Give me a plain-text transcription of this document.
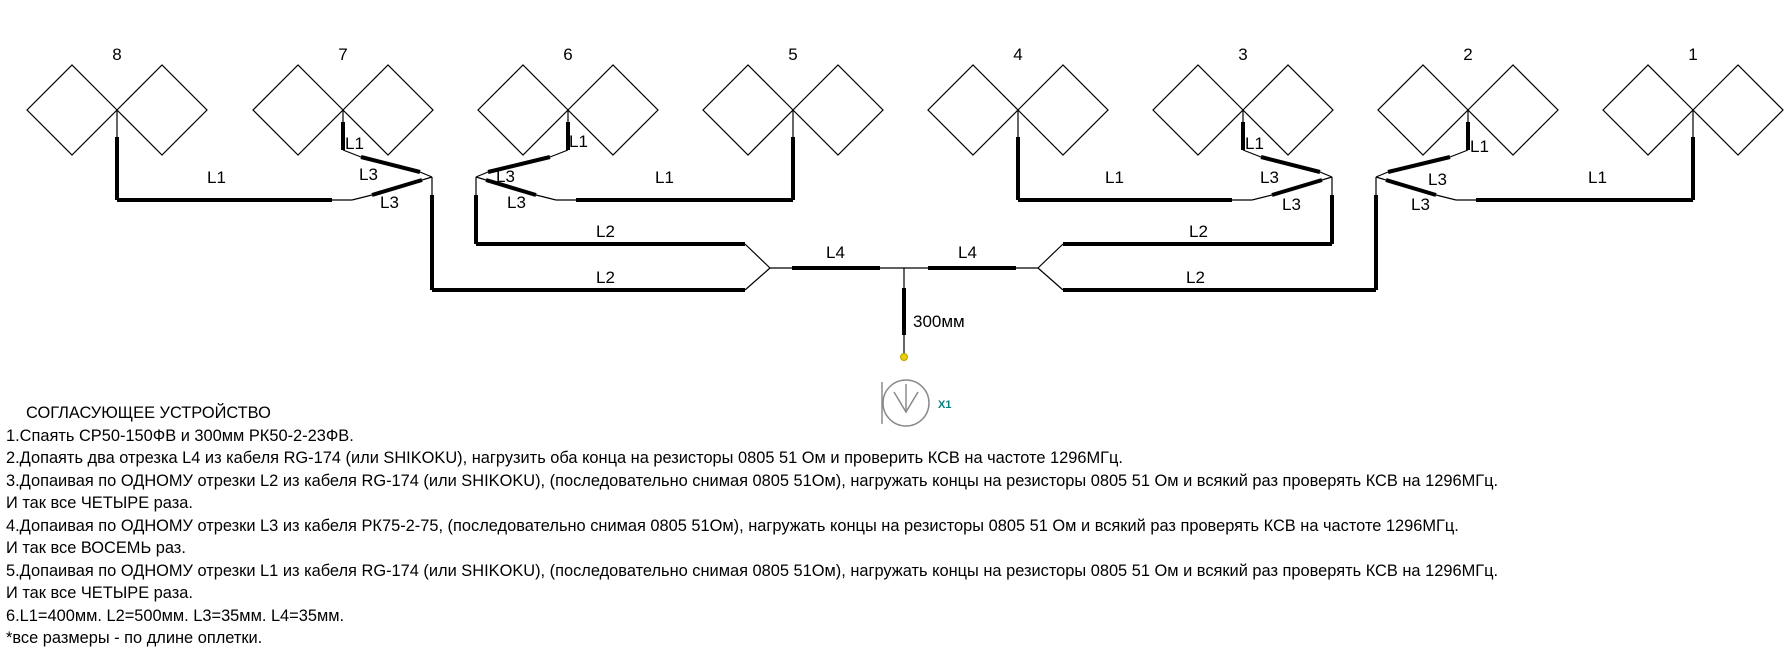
8	7	6	5	4	3	2	1
L1
L1
L3
L3
L1
L3
L3
L1	L1
L1
L3
L3
L1
L3
L3
L1
L2
L2
L2
L2
L4	L4
300мм
X1
СОГЛАСУЮЩЕЕ УСТРОЙСТВО
1.Спаять СР50-150ФВ и 300мм РК50-2-23ФВ.
2.Допаять два отрезка L4 из кабеля RG-174 (или SHIKOKU), нагрузить оба конца на резисторы 0805 51 Ом и проверить КСВ на частоте 1296МГц.
3.Допаивая по ОДНОМУ отрезки L2 из кабеля RG-174 (или SHIKOKU), (последовательно снимая 0805 51Ом), нагружать концы на резисторы 0805 51 Ом и всякий раз проверять КСВ на 1296МГц.
И так все ЧЕТЫРЕ раза.
4.Допаивая по ОДНОМУ отрезки L3 из кабеля РК75-2-75, (последовательно снимая 0805 51Ом), нагружать концы на резисторы 0805 51 Ом и всякий раз проверять КСВ на частоте 1296МГц.
И так все ВОСЕМЬ раз.
5.Допаивая по ОДНОМУ отрезки L1 из кабеля RG-174 (или SHIKOKU), (последовательно снимая 0805 51Ом), нагружать концы на резисторы 0805 51 Ом и всякий раз проверять КСВ на 1296МГц.
И так все ЧЕТЫРЕ раза.
6.L1=400мм. L2=500мм. L3=35мм. L4=35мм.
*все размеры - по длине оплетки.
